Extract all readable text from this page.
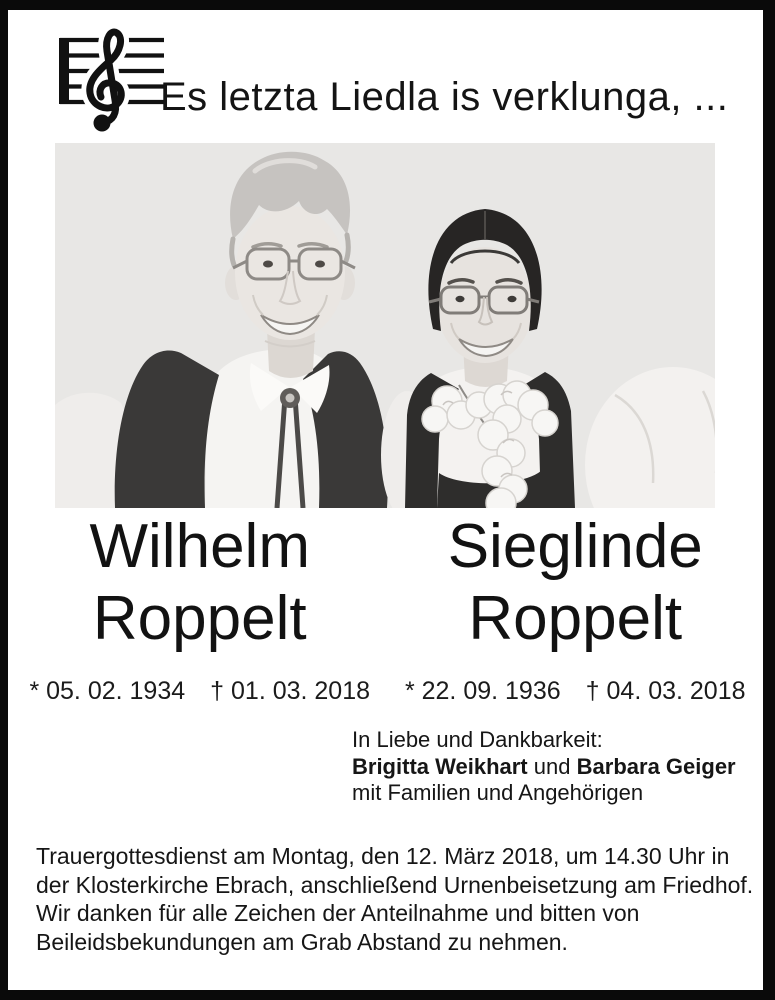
Es letzta Liedla is verklunga, ...
Wilhelm
Roppelt
* 05. 02. 1934 † 01. 03. 2018
Sieglinde
Roppelt
* 22. 09. 1936 † 04. 03. 2018
In Liebe und Dankbarkeit:
Brigitta Weikhart und Barbara Geiger
mit Familien und Angehörigen
Trauergottesdienst am Montag, den 12. März 2018, um 14.30 Uhr in
der Klosterkirche Ebrach, anschließend Urnenbeisetzung am Friedhof.
Wir danken für alle Zeichen der Anteilnahme und bitten von
Beileidsbekundungen am Grab Abstand zu nehmen.
